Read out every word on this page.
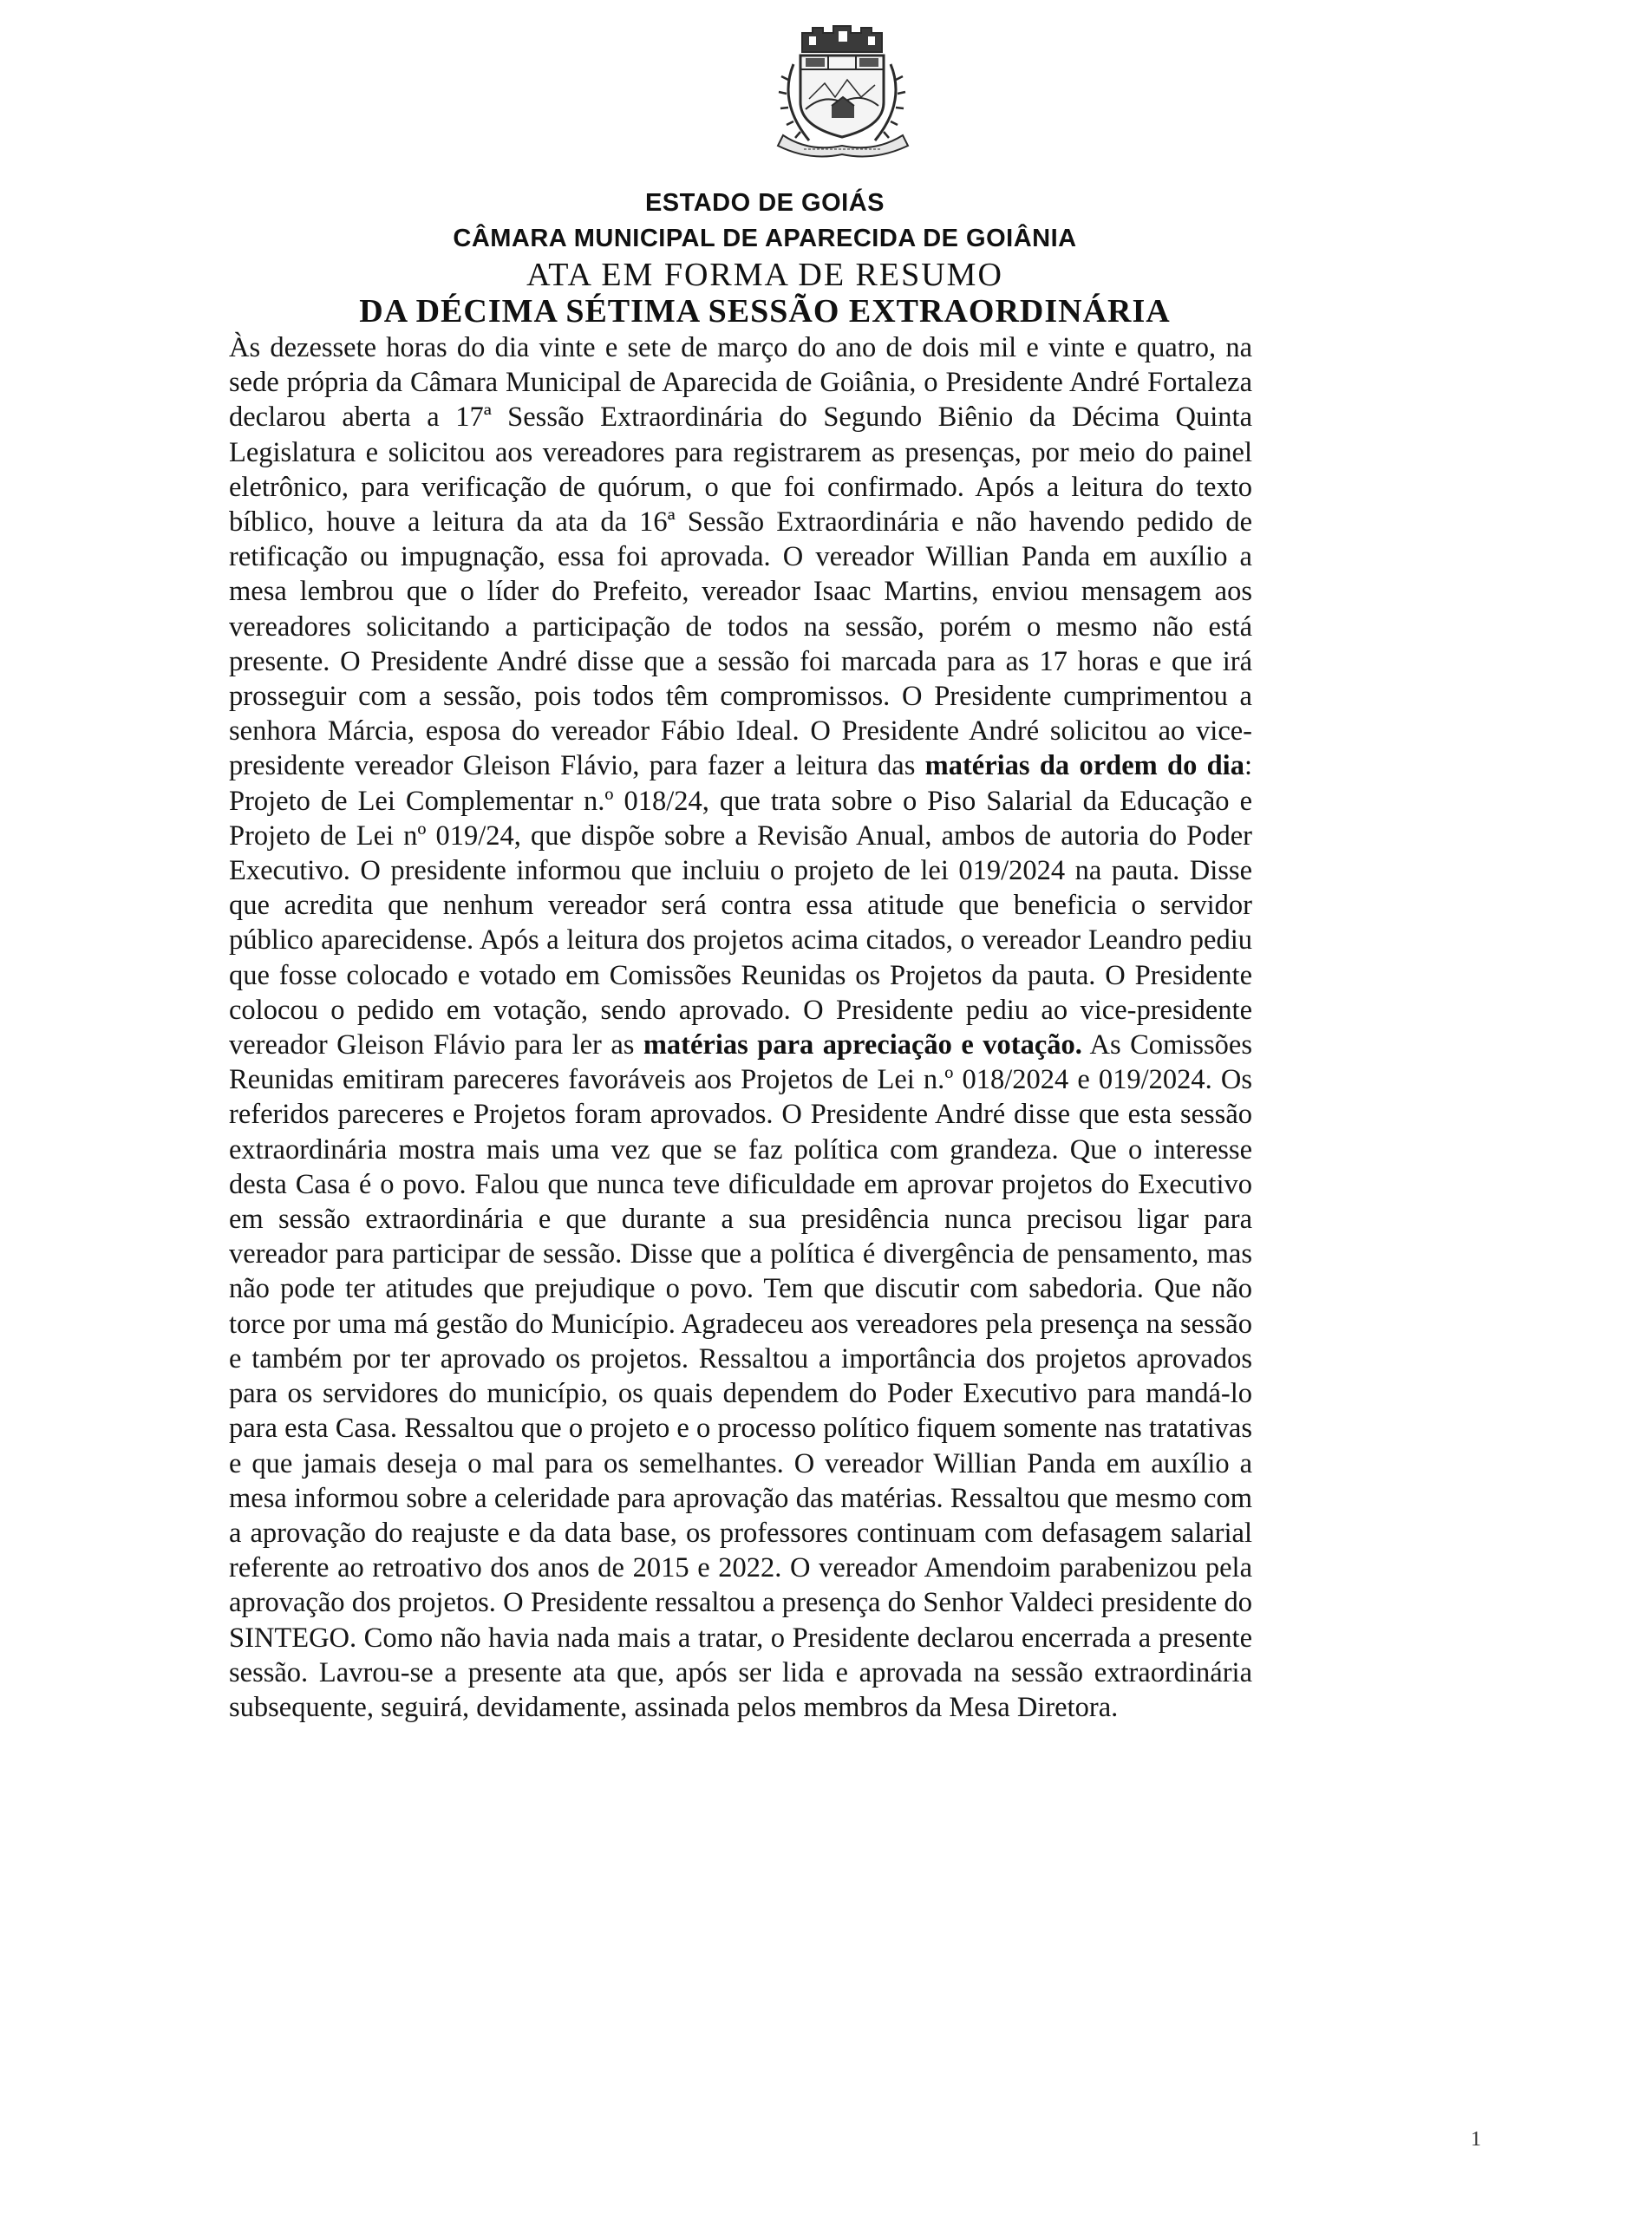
ESTADO DE GOIÁS
CÂMARA MUNICIPAL DE APARECIDA DE GOIÂNIA
ATA EM FORMA DE RESUMO
DA DÉCIMA SÉTIMA SESSÃO EXTRAORDINÁRIA

Às dezessete horas do dia vinte e sete de março do ano de dois mil e vinte e quatro, na sede própria da Câmara Municipal de Aparecida de Goiânia, o Presidente André Fortaleza declarou aberta a 17ª Sessão Extraordinária do Segundo Biênio da Décima Quinta Legislatura e solicitou aos vereadores para registrarem as presenças, por meio do painel eletrônico, para verificação de quórum, o que foi confirmado. Após a leitura do texto bíblico, houve a leitura da ata da 16ª Sessão Extraordinária e não havendo pedido de retificação ou impugnação, essa foi aprovada. O vereador Willian Panda em auxílio a mesa lembrou que o líder do Prefeito, vereador Isaac Martins, enviou mensagem aos vereadores solicitando a participação de todos na sessão, porém o mesmo não está presente. O Presidente André disse que a sessão foi marcada para as 17 horas e que irá prosseguir com a sessão, pois todos têm compromissos. O Presidente cumprimentou a senhora Márcia, esposa do vereador Fábio Ideal. O Presidente André solicitou ao vice-presidente vereador Gleison Flávio, para fazer a leitura das matérias da ordem do dia: Projeto de Lei Complementar n.º 018/24, que trata sobre o Piso Salarial da Educação e Projeto de Lei nº 019/24, que dispõe sobre a Revisão Anual, ambos de autoria do Poder Executivo. O presidente informou que incluiu o projeto de lei 019/2024 na pauta. Disse que acredita que nenhum vereador será contra essa atitude que beneficia o servidor público aparecidense. Após a leitura dos projetos acima citados, o vereador Leandro pediu que fosse colocado e votado em Comissões Reunidas os Projetos da pauta. O Presidente colocou o pedido em votação, sendo aprovado. O Presidente pediu ao vice-presidente vereador Gleison Flávio para ler as matérias para apreciação e votação. As Comissões Reunidas emitiram pareceres favoráveis aos Projetos de Lei n.º 018/2024 e 019/2024. Os referidos pareceres e Projetos foram aprovados. O Presidente André disse que esta sessão extraordinária mostra mais uma vez que se faz política com grandeza. Que o interesse desta Casa é o povo. Falou que nunca teve dificuldade em aprovar projetos do Executivo em sessão extraordinária e que durante a sua presidência nunca precisou ligar para vereador para participar de sessão. Disse que a política é divergência de pensamento, mas não pode ter atitudes que prejudique o povo. Tem que discutir com sabedoria. Que não torce por uma má gestão do Município. Agradeceu aos vereadores pela presença na sessão e também por ter aprovado os projetos. Ressaltou a importância dos projetos aprovados para os servidores do município, os quais dependem do Poder Executivo para mandá-lo para esta Casa. Ressaltou que o projeto e o processo político fiquem somente nas tratativas e que jamais deseja o mal para os semelhantes. O vereador Willian Panda em auxílio a mesa informou sobre a celeridade para aprovação das matérias. Ressaltou que mesmo com a aprovação do reajuste e da data base, os professores continuam com defasagem salarial referente ao retroativo dos anos de 2015 e 2022. O vereador Amendoim parabenizou pela aprovação dos projetos. O Presidente ressaltou a presença do Senhor Valdeci presidente do SINTEGO. Como não havia nada mais a tratar, o Presidente declarou encerrada a presente sessão. Lavrou-se a presente ata que, após ser lida e aprovada na sessão extraordinária subsequente, seguirá, devidamente, assinada pelos membros da Mesa Diretora.

1
